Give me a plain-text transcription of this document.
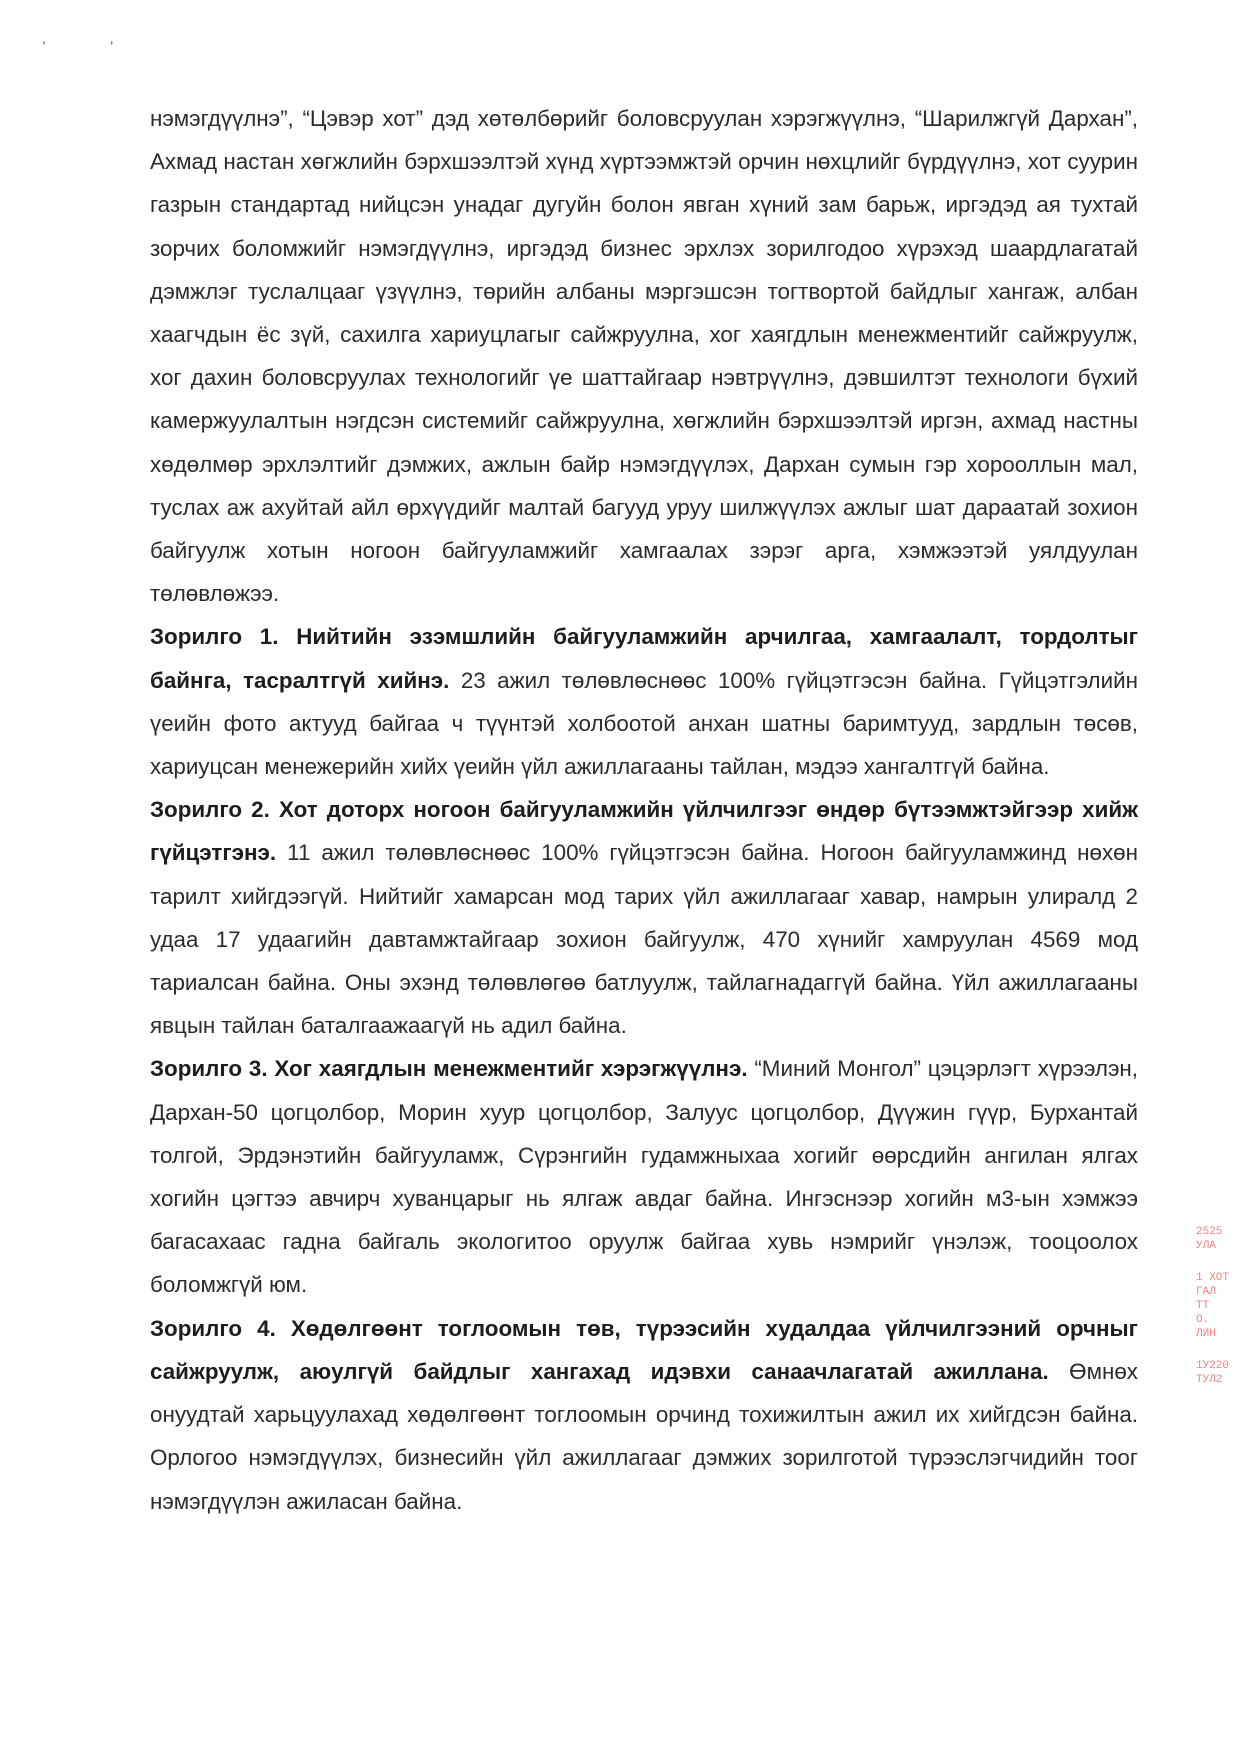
, ,

нэмэгдүүлнэ”, “Цэвэр хот” дэд хөтөлбөрийг боловсруулан хэрэгжүүлнэ, “Шарилжгүй Дархан”, Ахмад настан хөгжлийн бэрхшээлтэй хүнд хүртээмжтэй орчин нөхцлийг бүрдүүлнэ, хот суурин газрын стандартад нийцсэн унадаг дугуйн болон явган хүний зам барьж, иргэдэд ая тухтай зорчих боломжийг нэмэгдүүлнэ, иргэдэд бизнес эрхлэх зорилгодоо хүрэхэд шаардлагатай дэмжлэг туслалцааг үзүүлнэ, төрийн албаны мэргэшсэн тогтвортой байдлыг хангаж, албан хаагчдын ёс зүй, сахилга хариуцлагыг сайжруулна, хог хаягдлын менежментийг сайжруулж, хог дахин боловсруулах технологийг үе шаттайгаар нэвтрүүлнэ, дэвшилтэт технологи бүхий камержуулалтын нэгдсэн системийг сайжруулна, хөгжлийн бэрхшээлтэй иргэн, ахмад настны хөдөлмөр эрхлэлтийг дэмжих, ажлын байр нэмэгдүүлэх, Дархан сумын гэр хорооллын мал, туслах аж ахуйтай айл өрхүүдийг малтай багууд уруу шилжүүлэх ажлыг шат дараатай зохион байгуулж хотын ногоон байгууламжийг хамгаалах зэрэг арга, хэмжээтэй уялдуулан төлөвлөжээ.

Зорилго 1. Нийтийн эзэмшлийн байгууламжийн арчилгаа, хамгаалалт, тордолтыг байнга, тасралтгүй хийнэ. 23 ажил төлөвлөснөөс 100% гүйцэтгэсэн байна. Гүйцэтгэлийн үеийн фото актууд байгаа ч түүнтэй холбоотой анхан шатны баримтууд, зардлын төсөв, хариуцсан менежерийн хийх үеийн үйл ажиллагааны тайлан, мэдээ хангалтгүй байна.

Зорилго 2. Хот доторх ногоон байгууламжийн үйлчилгээг өндөр бүтээмжтэйгээр хийж гүйцэтгэнэ. 11 ажил төлөвлөснөөс 100% гүйцэтгэсэн байна. Ногоон байгууламжинд нөхөн тарилт хийгдээгүй. Нийтийг хамарсан мод тарих үйл ажиллагааг хавар, намрын улиралд 2 удаа 17 удаагийн давтамжтайгаар зохион байгуулж, 470 хүнийг хамруулан 4569 мод тариалсан байна. Оны эхэнд төлөвлөгөө батлуулж, тайлагнадаггүй байна. Үйл ажиллагааны явцын тайлан баталгаажаагүй нь адил байна.

Зорилго 3. Хог хаягдлын менежментийг хэрэгжүүлнэ. “Миний Монгол” цэцэрлэгт хүрээлэн, Дархан-50 цогцолбор, Морин хуур цогцолбор, Залуус цогцолбор, Дүүжин гүүр, Бурхантай толгой, Эрдэнэтийн байгууламж, Сүрэнгийн гудамжныхаа хогийг өөрсдийн ангилан ялгах хогийн цэгтээ авчирч хуванцарыг нь ялгаж авдаг байна. Ингэснээр хогийн м3-ын хэмжээ багасахаас гадна байгаль экологитоо оруулж байгаа хувь нэмрийг үнэлэж, тооцоолох боломжгүй юм.

Зорилго 4. Хөдөлгөөнт тоглоомын төв, түрээсийн худалдаа үйлчилгээний орчныг сайжруулж, аюулгүй байдлыг хангахад идэвхи санаачлагатай ажиллана. Өмнөх онуудтай харьцуулахад хөдөлгөөнт тоглоомын орчинд тохижилтын ажил их хийгдсэн байна. Орлогоо нэмэгдүүлэх, бизнесийн үйл ажиллагааг дэмжих зорилготой түрээслэгчидийн тоог нэмэгдүүлэн ажиласан байна.

2525
УЛА
1 ХОТ
ГАЛ
ТТ
О.
ЛИН
1У220
ТУЛ2
